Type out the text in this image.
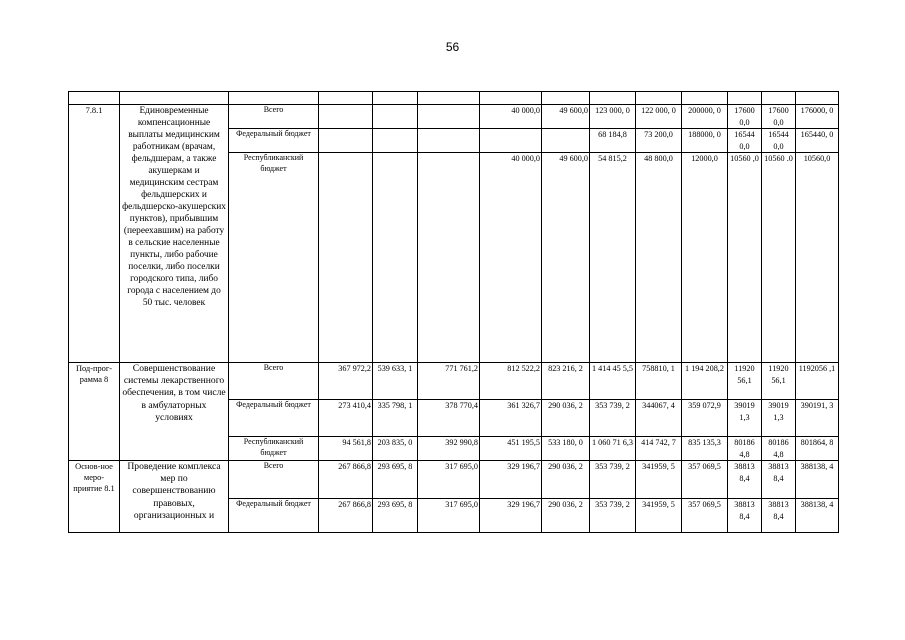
56

7.8.1	Единовременные компенсационные выплаты медицинским работникам (врачам, фельдшерам, а также акушеркам и медицинским сестрам фельдшерских и фельдшерско-акушерских пунктов), прибывшим (переехавшим) на работу в сельские населенные пункты, либо рабочие поселки, либо поселки городского типа, либо города с населением до 50 тыс. человек	Всего				40 000,0	49 600,0	123 000, 0	122 000, 0	200000, 0	17600 0,0	17600 0,0	176000, 0
		Федеральный бюджет						68 184,8	73 200,0	188000, 0	16544 0,0	16544 0,0	165440, 0
		Республиканский бюджет				40 000,0	49 600,0	54 815,2	48 800,0	12000,0	10560 ,0	10560 .0	10560,0
Под-прог-рамма 8	Совершенствование системы лекарственного обеспечения, в том числе в амбулаторных условиях	Всего	367 972,2	539 633, 1	771 761,2	812 522,2	823 216, 2	1 414 45 5,5	758810, 1	1 194 208,2	11920 56,1	11920 56,1	1192056 ,1
		Федеральный бюджет	273 410,4	335 798, 1	378 770,4	361 326,7	290 036, 2	353 739, 2	344067, 4	359 072,9	39019 1,3	39019 1,3	390191, 3
		Республиканский бюджет	94 561,8	203 835, 0	392 990,8	451 195,5	533 180, 0	1 060 71 6,3	414 742, 7	835 135,3	80186 4,8	80186 4,8	801864, 8
Основ-ное меро-приятие 8.1	Проведение комплекса мер по совершенствованию правовых, организационных и	Всего	267 866,8	293 695, 8	317 695,0	329 196,7	290 036, 2	353 739, 2	341959, 5	357 069,5	38813 8,4	38813 8,4	388138, 4
		Федеральный бюджет	267 866,8	293 695, 8	317 695,0	329 196,7	290 036, 2	353 739, 2	341959, 5	357 069,5	38813 8,4	38813 8,4	388138, 4
